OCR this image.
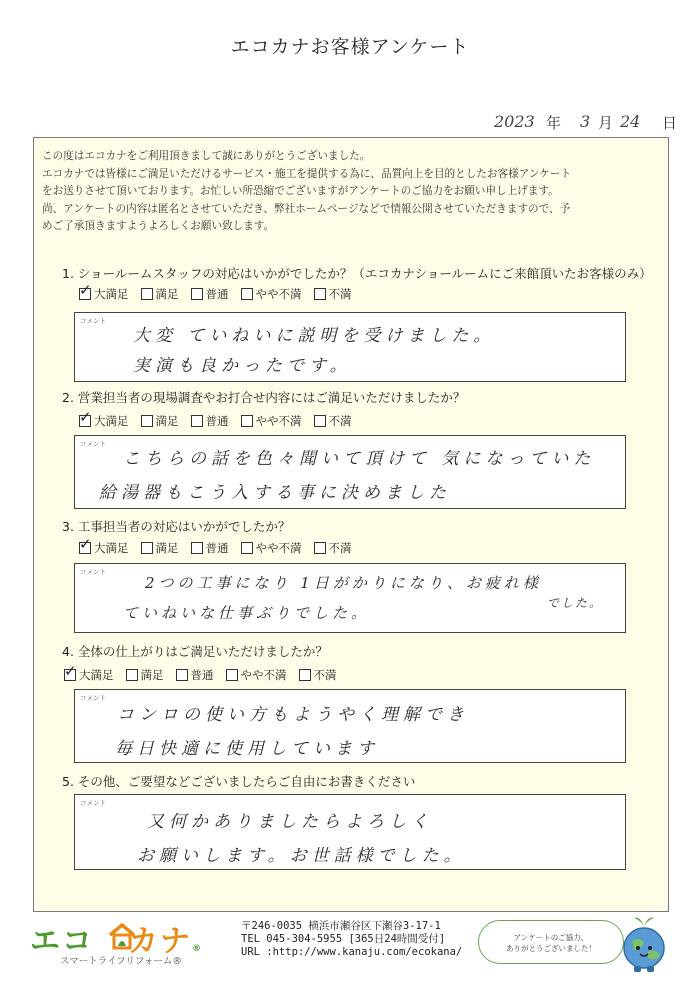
エコカナお客様アンケート
2023 年 3 月 24 日
この度はエコカナをご利用頂きまして誠にありがとうございました。
エコカナでは皆様にご満足いただけるサービス・施工を提供する為に、品質向上を目的としたお客様アンケート
をお送りさせて頂いております。お忙しい所恐縮でございますがアンケートのご協力をお願い申し上げます。
尚、アンケートの内容は匿名とさせていただき、弊社ホームページなどで情報公開させていただきますので、予
めご了承頂きますようよろしくお願い致します。
1. ショールームスタッフの対応はいかがでしたか？（エコカナショールームにご来館頂いたお客様のみ）
✓ 大満足 満足 普通 やや不満 不満
コメント
大変 ていねいに説明を受けました。
実演も良かったです。
2. 営業担当者の現場調査やお打合せ内容にはご満足いただけましたか？
✓ 大満足 満足 普通 やや不満 不満
コメント
こちらの話を色々聞いて頂けて 気になっていた
給湯器もこう入する事に決めました
3. 工事担当者の対応はいかがでしたか？
✓ 大満足 満足 普通 やや不満 不満
コメント
2つの工事になり 1日がかりになり、お疲れ様
ていねいな仕事ぶりでした。
でした。
4. 全体の仕上がりはご満足いただけましたか？
✓ 大満足 満足 普通 やや不満 不満
コメント
コンロの使い方もようやく理解でき
毎日快適に使用しています
5. その他、ご要望などございましたらご自由にお書きください
コメント
又何かありましたらよろしく
お願いします。お世話様でした。
エコ カナ®
スマートライフリフォーム®
〒246-0035 横浜市瀬谷区下瀬谷3-17-1
TEL 045-304-5955 [365日24時間受付]
URL :http://www.kanaju.com/ecokana/
アンケートのご協力、
ありがとうございました！
